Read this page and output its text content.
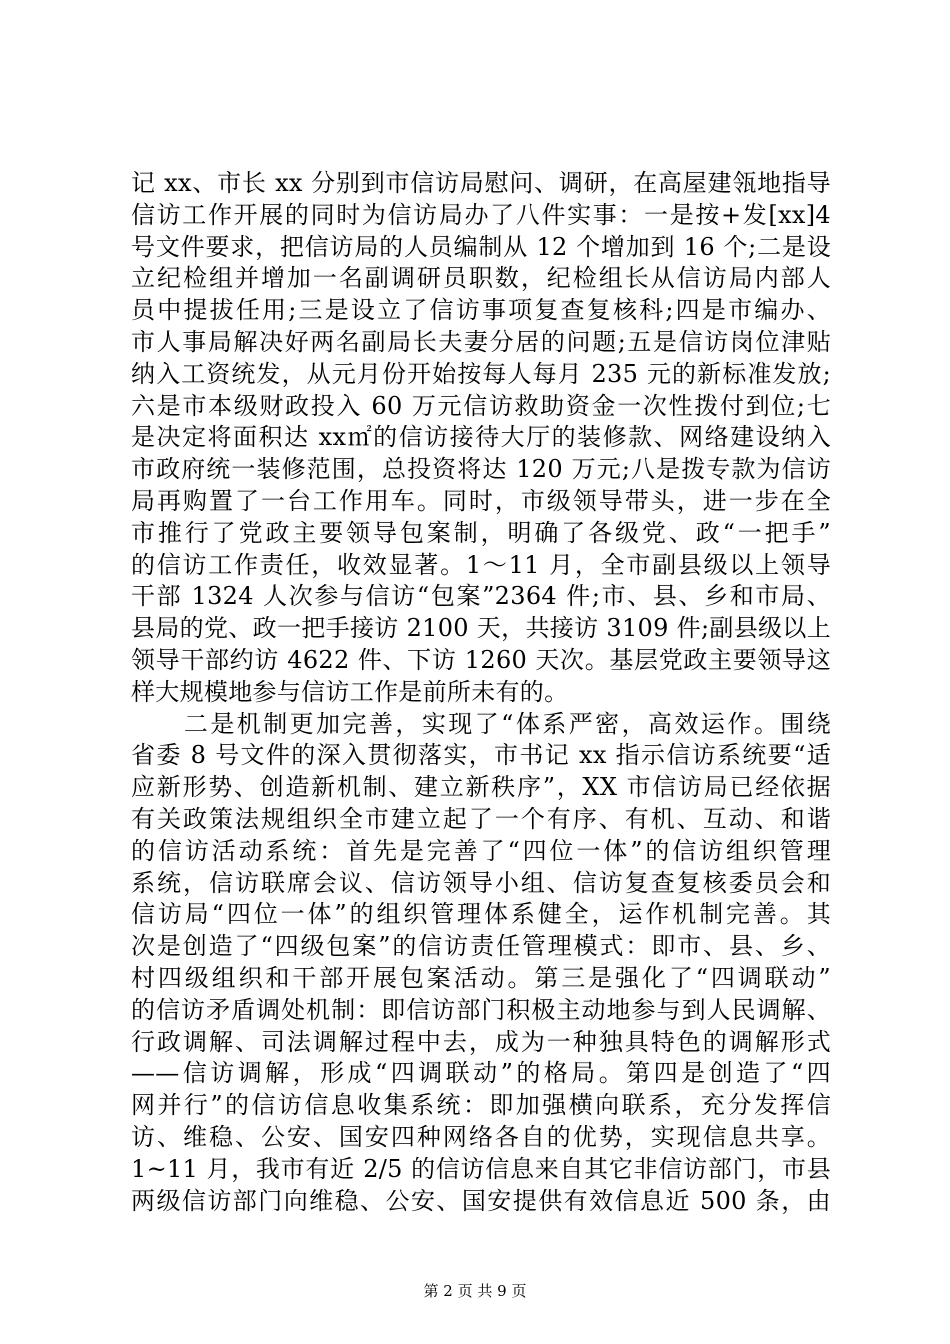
记 xx、市长 xx 分别到市信访局慰问、调研，在高屋建瓴地指导
信访工作开展的同时为信访局办了八件实事：一是按+发[xx]4
号文件要求，把信访局的人员编制从 12 个增加到 16 个;二是设
立纪检组并增加一名副调研员职数，纪检组长从信访局内部人
员中提拔任用;三是设立了信访事项复查复核科;四是市编办、
市人事局解决好两名副局长夫妻分居的问题;五是信访岗位津贴
纳入工资统发，从元月份开始按每人每月 235 元的新标准发放;
六是市本级财政投入 60 万元信访救助资金一次性拨付到位;七
是决定将面积达 xx㎡的信访接待大厅的装修款、网络建设纳入
市政府统一装修范围，总投资将达 120 万元;八是拨专款为信访
局再购置了一台工作用车。同时，市级领导带头，进一步在全
市推行了党政主要领导包案制，明确了各级党、政“一把手”
的信访工作责任，收效显著。1～11 月，全市副县级以上领导
干部 1324 人次参与信访“包案”2364 件;市、县、乡和市局、
县局的党、政一把手接访 2100 天，共接访 3109 件;副县级以上
领导干部约访 4622 件、下访 1260 天次。基层党政主要领导这
样大规模地参与信访工作是前所未有的。
　　二是机制更加完善，实现了“体系严密，高效运作。围绕
省委 8 号文件的深入贯彻落实，市书记 xx 指示信访系统要“适
应新形势、创造新机制、建立新秩序”，XX 市信访局已经依据
有关政策法规组织全市建立起了一个有序、有机、互动、和谐
的信访活动系统：首先是完善了“四位一体”的信访组织管理
系统，信访联席会议、信访领导小组、信访复查复核委员会和
信访局“四位一体”的组织管理体系健全，运作机制完善。其
次是创造了“四级包案”的信访责任管理模式：即市、县、乡、
村四级组织和干部开展包案活动。第三是强化了“四调联动”
的信访矛盾调处机制：即信访部门积极主动地参与到人民调解、
行政调解、司法调解过程中去，成为一种独具特色的调解形式
——信访调解，形成“四调联动”的格局。第四是创造了“四
网并行”的信访信息收集系统：即加强横向联系，充分发挥信
访、维稳、公安、国安四种网络各自的优势，实现信息共享。
1~11 月，我市有近 2/5 的信访信息来自其它非信访部门，市县
两级信访部门向维稳、公安、国安提供有效信息近 500 条，由
第 2 页 共 9 页
